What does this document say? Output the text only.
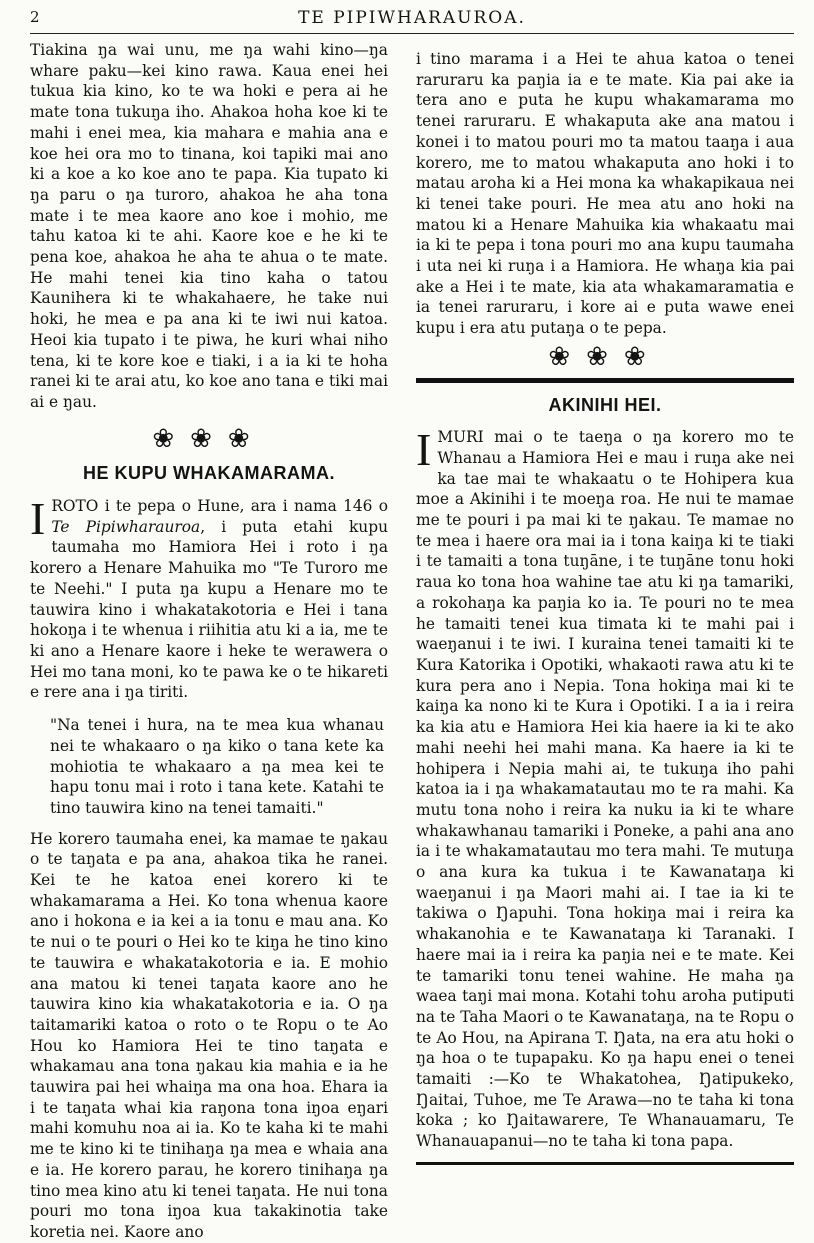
2	TE PIPIWHARAUROA.

Tiakina ŋa wai unu, me ŋa wahi kino—ŋa whare paku—kei kino rawa. Kaua enei hei tukua kia kino, ko te wa hoki e pera ai he mate tona tukuŋa iho. Ahakoa hoha koe ki te mahi i enei mea, kia mahara e mahia ana e koe hei ora mo to tinana, koi tapiki mai ano ki a koe a ko koe ano te papa. Kia tupato ki ŋa paru o ŋa turoro, ahakoa he aha tona mate i te mea kaore ano koe i mohio, me tahu katoa ki te ahi. Kaore koe e he ki te pena koe, ahakoa he aha te ahua o te mate. He mahi tenei kia tino kaha o tatou Kaunihera ki te whakahaere, he take nui hoki, he mea e pa ana ki te iwi nui katoa. Heoi kia tupato i te piwa, he kuri whai niho tena, ki te kore koe e tiaki, i a ia ki te hoha ranei ki te arai atu, ko koe ano tana e tiki mai ai e ŋau.

❀❀❀
HE KUPU WHAKAMARAMA.

IROTO i te pepa o Hune, ara i nama 146 o Te Pipiwharauroa, i puta etahi kupu taumaha mo Hamiora Hei i roto i ŋa korero a Henare Mahuika mo "Te Turoro me te Neehi." I puta ŋa kupu a Henare mo te tauwira kino i whakatakotoria e Hei i tana hokoŋa i te whenua i riihitia atu ki a ia, me te ki ano a Henare kaore i heke te werawera o Hei mo tana moni, ko te pawa ke o te hikareti e rere ana i ŋa tiriti.

"Na tenei i hura, na te mea kua whanau nei te whakaaro o ŋa kiko o tana kete ka mohiotia te whakaaro a ŋa mea kei te hapu tonu mai i roto i tana kete. Katahi te tino tauwira kino na tenei tamaiti."

He korero taumaha enei, ka mamae te ŋakau o te taŋata e pa ana, ahakoa tika he ranei. Kei te he katoa enei korero ki te whakamarama a Hei. Ko tona whenua kaore ano i hokona e ia kei a ia tonu e mau ana. Ko te nui o te pouri o Hei ko te kiŋa he tino kino te tauwira e whakatakotoria e ia. E mohio ana matou ki tenei taŋata kaore ano he tauwira kino kia whakatakotoria e ia. O ŋa taitamariki katoa o roto o te Ropu o te Ao Hou ko Hamiora Hei te tino taŋata e whakamau ana tona ŋakau kia mahia e ia he tauwira pai hei whaiŋa ma ona hoa. Ehara ia i te taŋata whai kia raŋona tona iŋoa eŋari mahi komuhu noa ai ia. Ko te kaha ki te mahi me te kino ki te tinihaŋa ŋa mea e whaia ana e ia. He korero parau, he korero tinihaŋa ŋa tino mea kino atu ki tenei taŋata. He nui tona pouri mo tona iŋoa kua takakinotia take koretia nei. Kaore ano

i tino marama i a Hei te ahua katoa o tenei raruraru ka paŋia ia e te mate. Kia pai ake ia tera ano e puta he kupu whakamarama mo tenei raruraru. E whakaputa ake ana matou i konei i to matou pouri mo ta matou taaŋa i aua korero, me to matou whakaputa ano hoki i to matau aroha ki a Hei mona ka whakapikaua nei ki tenei take pouri. He mea atu ano hoki na matou ki a Henare Mahuika kia whakaatu mai ia ki te pepa i tona pouri mo ana kupu taumaha i uta nei ki ruŋa i a Hamiora. He whaŋa kia pai ake a Hei i te mate, kia ata whakamaramatia e ia tenei raruraru, i kore ai e puta wawe enei kupu i era atu putaŋa o te pepa.

❀❀❀
AKINIHI HEI.

IMURI mai o te taeŋa o ŋa korero mo te Whanau a Hamiora Hei e mau i ruŋa ake nei ka tae mai te whakaatu o te Hohipera kua moe a Akinihi i te moeŋa roa. He nui te mamae me te pouri i pa mai ki te ŋakau. Te mamae no te mea i haere ora mai ia i tona kaiŋa ki te tiaki i te tamaiti a tona tuŋāne, i te tuŋāne tonu hoki raua ko tona hoa wahine tae atu ki ŋa tamariki, a rokohaŋa ka paŋia ko ia. Te pouri no te mea he tamaiti tenei kua timata ki te mahi pai i waeŋanui i te iwi. I kuraina tenei tamaiti ki te Kura Katorika i Opotiki, whakaoti rawa atu ki te kura pera ano i Nepia. Tona hokiŋa mai ki te kaiŋa ka nono ki te Kura i Opotiki. I a ia i reira ka kia atu e Hamiora Hei kia haere ia ki te ako mahi neehi hei mahi mana. Ka haere ia ki te hohipera i Nepia mahi ai, te tukuŋa iho pahi katoa ia i ŋa whakamatautau mo te ra mahi. Ka mutu tona noho i reira ka nuku ia ki te whare whakawhanau tamariki i Poneke, a pahi ana ano ia i te whakamatautau mo tera mahi. Te mutuŋa o ana kura ka tukua i te Kawanataŋa ki waeŋanui i ŋa Maori mahi ai. I tae ia ki te takiwa o Ŋapuhi. Tona hokiŋa mai i reira ka whakanohia e te Kawanataŋa ki Taranaki. I haere mai ia i reira ka paŋia nei e te mate. Kei te tamariki tonu tenei wahine. He maha ŋa waea taŋi mai mona. Kotahi tohu aroha putiputi na te Taha Maori o te Kawanataŋa, na te Ropu o te Ao Hou, na Apirana T. Ŋata, na era atu hoki o ŋa hoa o te tupapaku. Ko ŋa hapu enei o tenei tamaiti :—Ko te Whakatohea, Ŋatipukeko, Ŋaitai, Tuhoe, me Te Arawa—no te taha ki tona koka ; ko Ŋaitawarere, Te Whanauamaru, Te Whanauapanui—no te taha ki tona papa.
